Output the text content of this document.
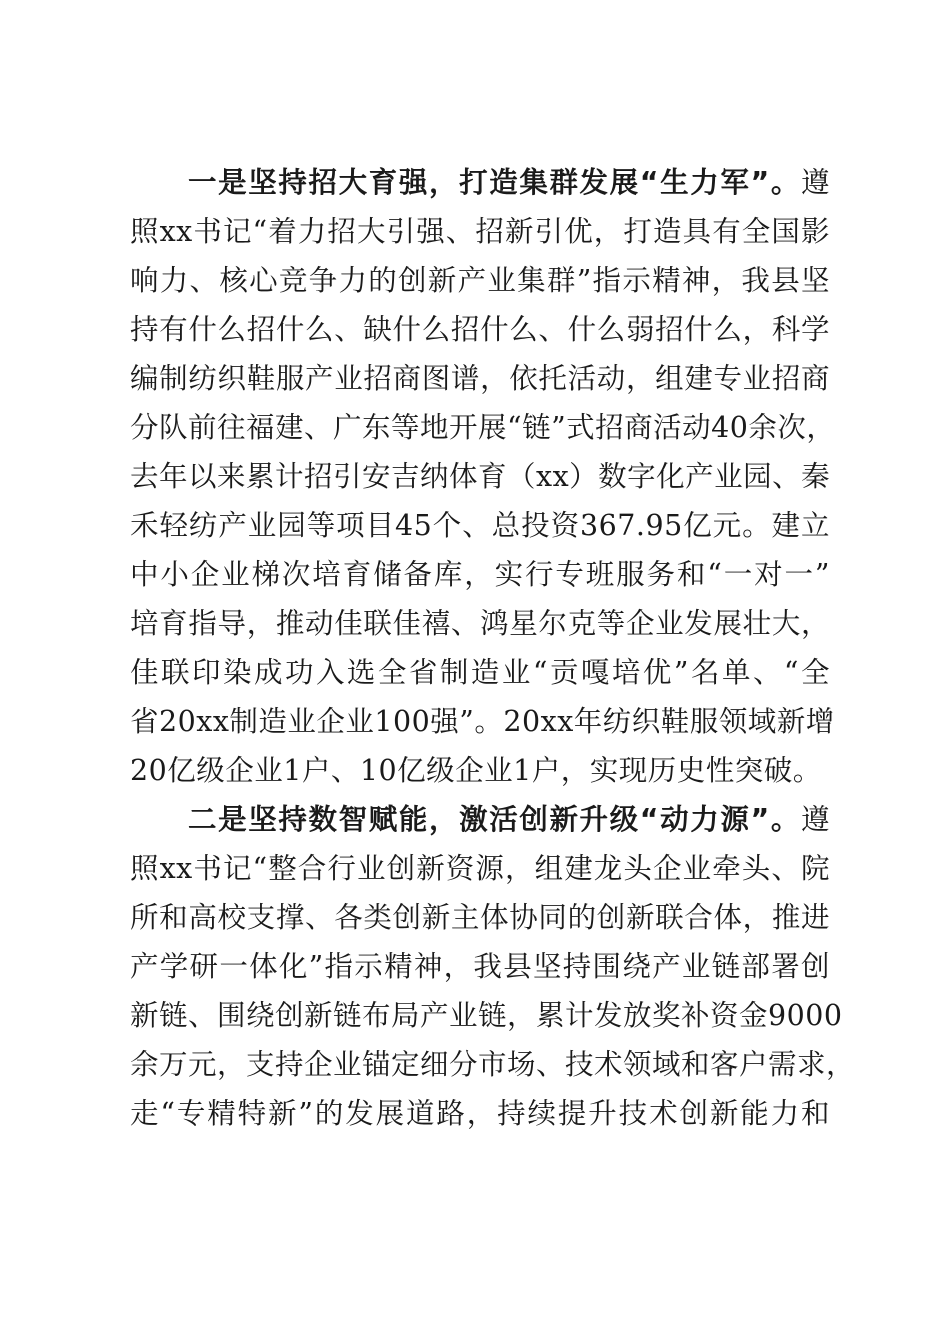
一是坚持招大育强，打造集群发展“生力军”。遵
照xx书记“着力招大引强、招新引优，打造具有全国影
响力、核心竞争力的创新产业集群”指示精神，我县坚
持有什么招什么、缺什么招什么、什么弱招什么，科学
编制纺织鞋服产业招商图谱，依托活动，组建专业招商
分队前往福建、广东等地开展“链”式招商活动40余次，
去年以来累计招引安吉纳体育（xx）数字化产业园、秦
禾轻纺产业园等项目45个、总投资367.95亿元。建立
中小企业梯次培育储备库，实行专班服务和“一对一”
培育指导，推动佳联佳禧、鸿星尔克等企业发展壮大，
佳联印染成功入选全省制造业“贡嘎培优”名单、“全
省20xx制造业企业100强”。20xx年纺织鞋服领域新增
20亿级企业1户、10亿级企业1户，实现历史性突破。
二是坚持数智赋能，激活创新升级“动力源”。遵
照xx书记“整合行业创新资源，组建龙头企业牵头、院
所和高校支撑、各类创新主体协同的创新联合体，推进
产学研一体化”指示精神，我县坚持围绕产业链部署创
新链、围绕创新链布局产业链，累计发放奖补资金9000
余万元，支持企业锚定细分市场、技术领域和客户需求，
走“专精特新”的发展道路，持续提升技术创新能力和
